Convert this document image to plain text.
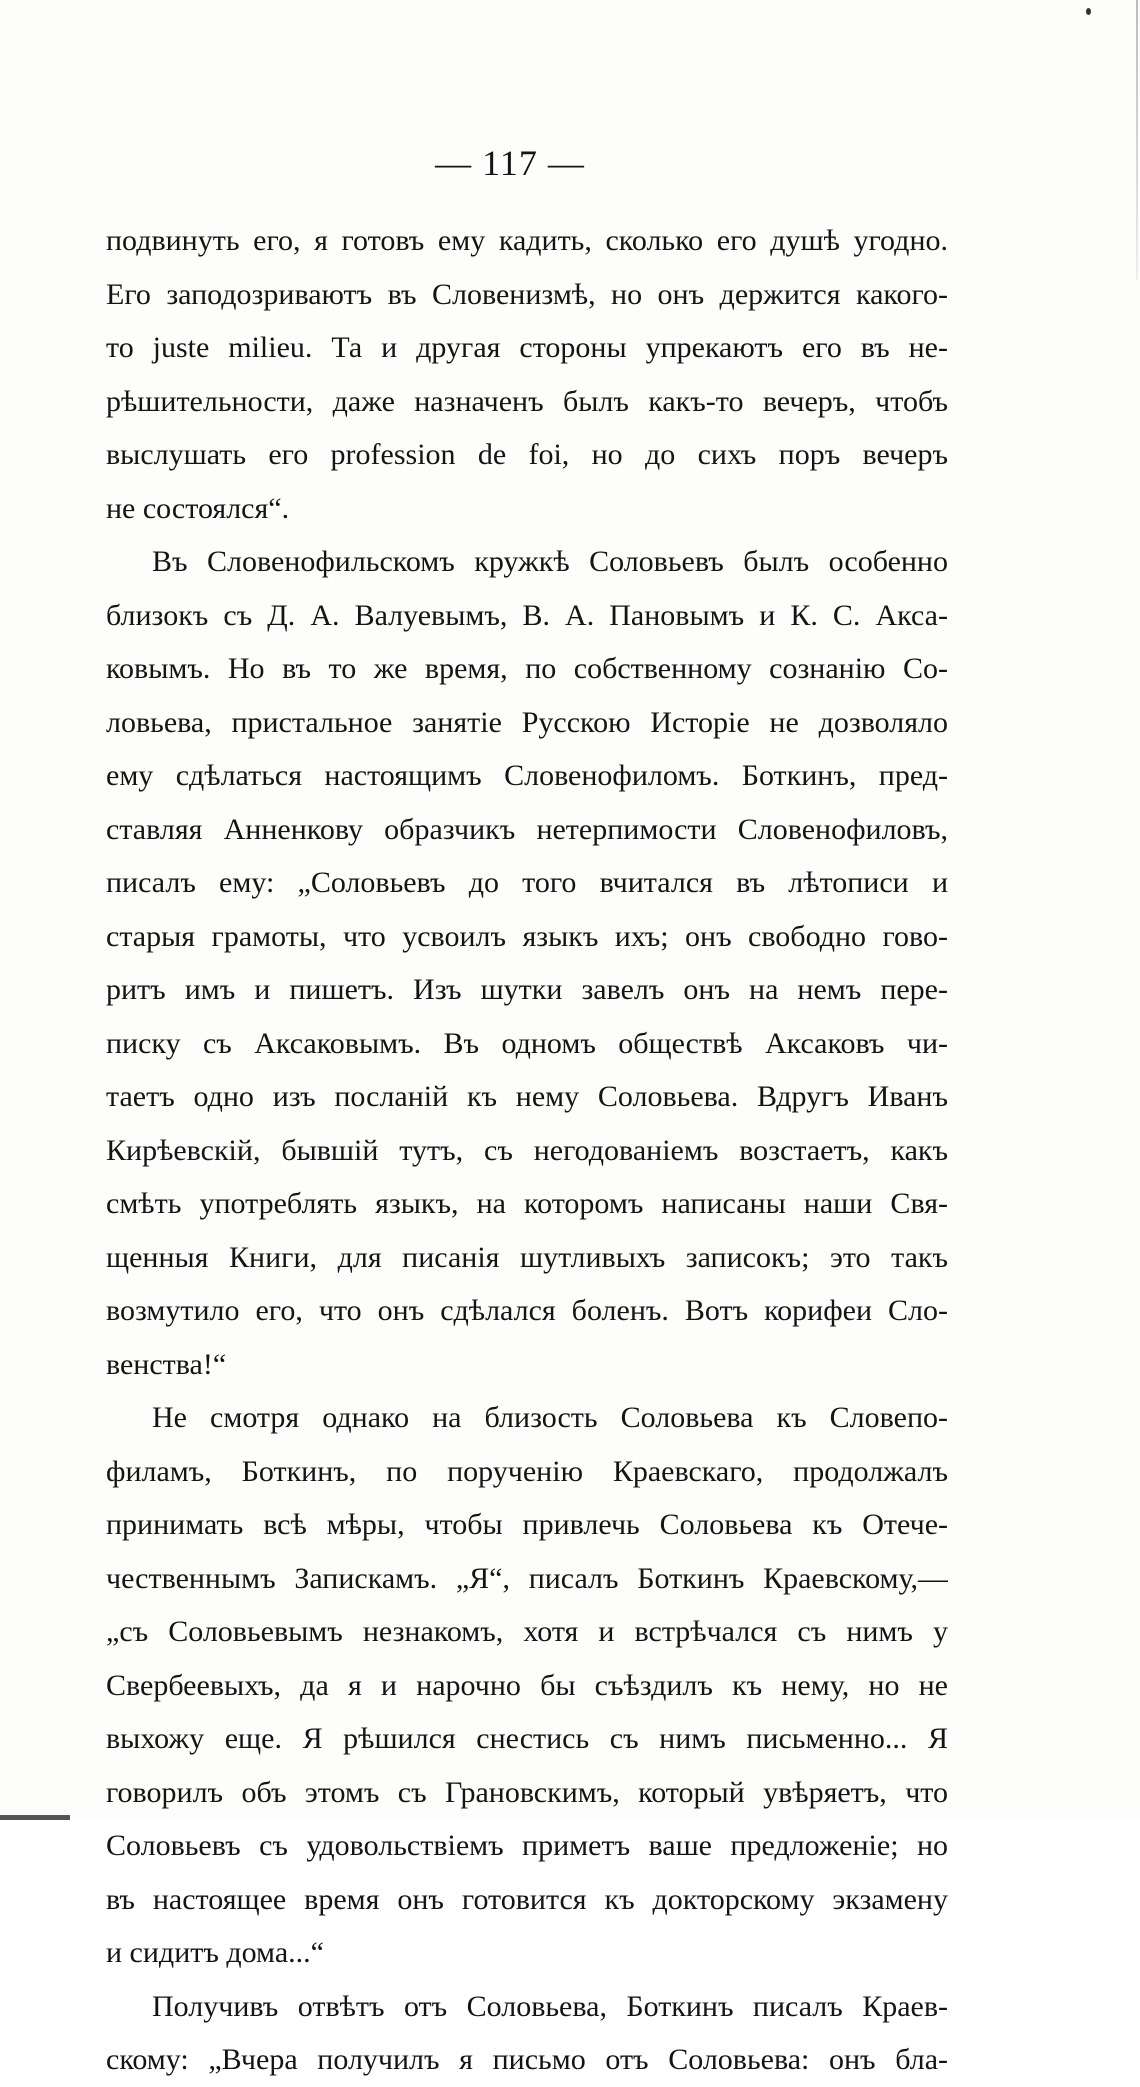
— 117 —
подвинуть его, я готовъ ему кадить, сколько его душѣ угодно.
Его заподозриваютъ въ Словенизмѣ, но онъ держится какого-
то juste milieu. Та и другая стороны упрекаютъ его въ не-
рѣшительности, даже назначенъ былъ какъ-то вечеръ, чтобъ
выслушать его profession de foi, но до сихъ поръ вечеръ
не состоялся“.
Въ Словенофильскомъ кружкѣ Соловьевъ былъ особенно
близокъ съ Д. А. Валуевымъ, В. А. Пановымъ и К. С. Акса-
ковымъ. Но въ то же время, по собственному сознанію Со-
ловьева, пристальное занятіе Русскою Исторіе не дозволяло
ему сдѣлаться настоящимъ Словенофиломъ. Боткинъ, пред-
ставляя Анненкову образчикъ нетерпимости Словенофиловъ,
писалъ ему: „Соловьевъ до того вчитался въ лѣтописи и
старыя грамоты, что усвоилъ языкъ ихъ; онъ свободно гово-
ритъ имъ и пишетъ. Изъ шутки завелъ онъ на немъ пере-
писку съ Аксаковымъ. Въ одномъ обществѣ Аксаковъ чи-
таетъ одно изъ посланій къ нему Соловьева. Вдругъ Иванъ
Кирѣевскій, бывшій тутъ, съ негодованіемъ возстаетъ, какъ
смѣть употреблять языкъ, на которомъ написаны наши Свя-
щенныя Книги, для писанія шутливыхъ записокъ; это такъ
возмутило его, что онъ сдѣлался боленъ. Вотъ корифеи Сло-
венства!“
Не смотря однако на близость Соловьева къ Словепо-
филамъ, Боткинъ, по порученію Краевскаго, продолжалъ
принимать всѣ мѣры, чтобы привлечь Соловьева къ Отече-
чественнымъ Запискамъ. „Я“, писалъ Боткинъ Краевскому,—
„съ Соловьевымъ незнакомъ, хотя и встрѣчался съ нимъ у
Свербеевыхъ, да я и нарочно бы съѣздилъ къ нему, но не
выхожу еще. Я рѣшился снестись съ нимъ письменно... Я
говорилъ объ этомъ съ Грановскимъ, который увѣряетъ, что
Соловьевъ съ удовольствіемъ приметъ ваше предложеніе; но
въ настоящее время онъ готовится къ докторскому экзамену
и сидитъ дома...“
Получивъ отвѣтъ отъ Соловьева, Боткинъ писалъ Краев-
скому: „Вчера получилъ я письмо отъ Соловьева: онъ бла-
